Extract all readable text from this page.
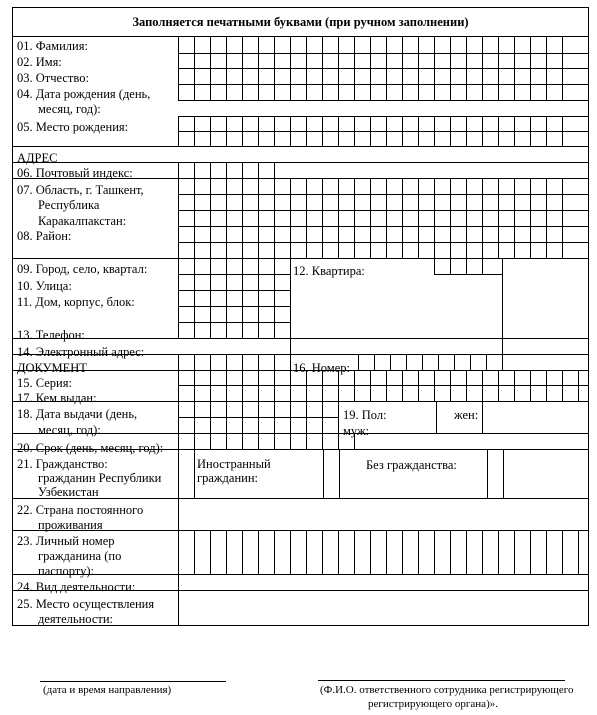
Заполняется печатными буквами (при ручном заполнении)
01. Фамилия:
02. Имя:
03. Отчество:
04. Дата рождения (день,
месяц, год):
05. Место рождения:
АДРЕС
06. Почтовый индекс:
07. Область, г. Ташкент,
Республика
Каракалпакстан:
08. Район:
09. Город, село, квартал:
10. Улица:
11. Дом, корпус, блок:
12. Квартира:
13. Телефон:
14. Электронный адрес:
ДОКУМЕНТ	16. Номер:
15. Серия:
17. Кем выдан:
18. Дата выдачи (день,
месяц, год):
19. Пол:
муж:
жен:
20. Срок (день, месяц, год):
21. Гражданство:
гражданин Республики
Узбекистан
Иностранный
гражданин:
Без гражданства:
22. Страна постоянного
проживания
23. Личный номер
гражданина (по
паспорту):
24. Вид деятельности:
25. Место осуществления
деятельности:
(дата и время направления)	(Ф.И.О. ответственного сотрудника регистрирующего
регистрирующего органа)».
